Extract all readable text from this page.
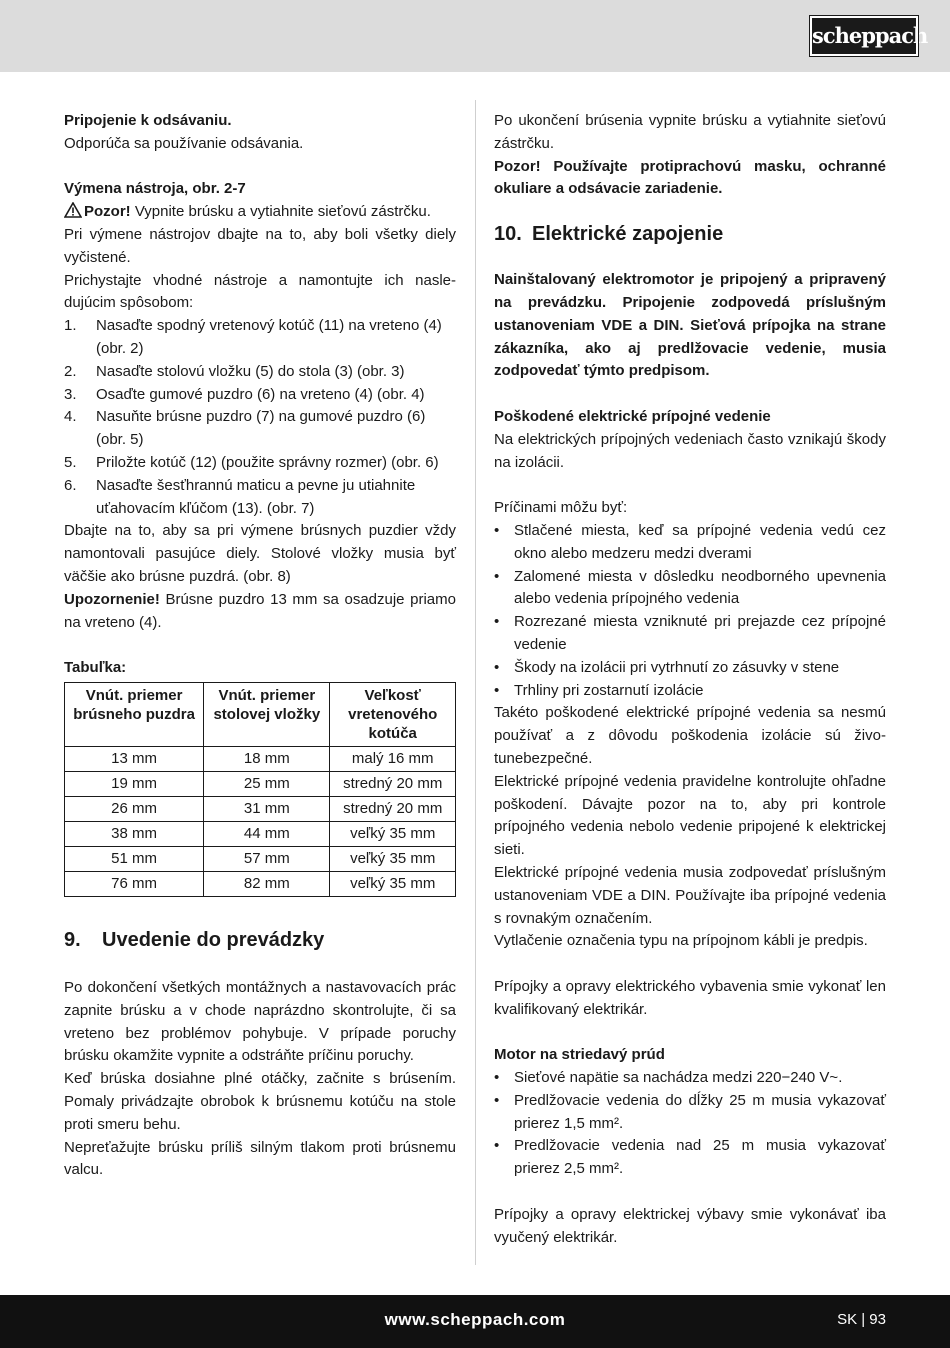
scheppach

Pripojenie k odsávaniu.

Odporúča sa používanie odsávania.

Výmena nástroja, obr. 2-7

Pozor! Vypnite brúsku a vytiahnite sieťovú zástrčku.

Pri výmene nástrojov dbajte na to, aby boli všetky diely vyčistené.

Prichystajte vhodné nástroje a namontujte ich nasledujúcim spôsobom:

1. Nasaďte spodný vretenový kotúč (11) na vreteno (4) (obr. 2)
2. Nasaďte stolovú vložku (5) do stola (3) (obr. 3)
3. Osaďte gumové puzdro (6) na vreteno (4) (obr. 4)
4. Nasuňte brúsne puzdro (7) na gumové puzdro (6) (obr. 5)
5. Priložte kotúč (12) (použite správny rozmer) (obr. 6)
6. Nasaďte šesťhrannú maticu a pevne ju utiahnite uťahovacím kľúčom (13). (obr. 7)

Dbajte na to, aby sa pri výmene brúsnych puzdier vždy namontovali pasujúce diely. Stolové vložky musia byť väčšie ako brúsne puzdrá. (obr. 8)

Upozornenie! Brúsne puzdro 13 mm sa osadzuje priamo na vreteno (4).

Tabuľka:

Vnút. priemer brúsneho puzdra	Vnút. priemer stolovej vložky	Veľkosť vretenového kotúča
13 mm	18 mm	malý 16 mm
19 mm	25 mm	stredný 20 mm
26 mm	31 mm	stredný 20 mm
38 mm	44 mm	veľký 35 mm
51 mm	57 mm	veľký 35 mm
76 mm	82 mm	veľký 35 mm
9. Uvedenie do prevádzky

Po dokončení všetkých montážnych a nastavovacích prác zapnite brúsku a v chode naprázdno skontrolujte, či sa vreteno bez problémov pohybuje. V prípade poruchy brúsku okamžite vypnite a odstráňte príčinu poruchy.

Keď brúska dosiahne plné otáčky, začnite s brúsením. Pomaly privádzajte obrobok k brúsnemu kotúču na stole proti smeru behu.

Nepreťažujte brúsku príliš silným tlakom proti brúsnemu valcu.

Po ukončení brúsenia vypnite brúsku a vytiahnite sieťovú zástrčku.

Pozor! Používajte protiprachovú masku, ochranné okuliare a odsávacie zariadenie.

10. Elektrické zapojenie

Nainštalovaný elektromotor je pripojený a pripravený na prevádzku. Pripojenie zodpovedá príslušným ustanoveniam VDE a DIN. Sieťová prípojka na strane zákazníka, ako aj predlžovacie vedenie, musia zodpovedať týmto predpisom.

Poškodené elektrické prípojné vedenie

Na elektrických prípojných vedeniach často vznikajú škody na izolácii.

Príčinami môžu byť:

• Stlačené miesta, keď sa prípojné vedenia vedú cez okno alebo medzeru medzi dverami
• Zalomené miesta v dôsledku neodborného upevnenia alebo vedenia prípojného vedenia
• Rozrezané miesta vzniknuté pri prejazde cez prípojné vedenie
• Škody na izolácii pri vytrhnutí zo zásuvky v stene
• Trhliny pri zostarnutí izolácie

Takéto poškodené elektrické prípojné vedenia sa nesmú používať a z dôvodu poškodenia izolácie sú životunebezpečné.

Elektrické prípojné vedenia pravidelne kontrolujte ohľadne poškodení. Dávajte pozor na to, aby pri kontrole prípojného vedenia nebolo vedenie pripojené k elektrickej sieti.

Elektrické prípojné vedenia musia zodpovedať príslušným ustanoveniam VDE a DIN. Používajte iba prípojné vedenia s rovnakým označením.

Vytlačenie označenia typu na prípojnom kábli je predpis.

Prípojky a opravy elektrického vybavenia smie vykonať len kvalifikovaný elektrikár.

Motor na striedavý prúd

• Sieťové napätie sa nachádza medzi 220−240 V~.
• Predlžovacie vedenia do dĺžky 25 m musia vykazovať prierez 1,5 mm².
• Predlžovacie vedenia nad 25 m musia vykazovať prierez 2,5 mm².

Prípojky a opravy elektrickej výbavy smie vykonávať iba vyučený elektrikár.

www.scheppach.com	SK | 93
